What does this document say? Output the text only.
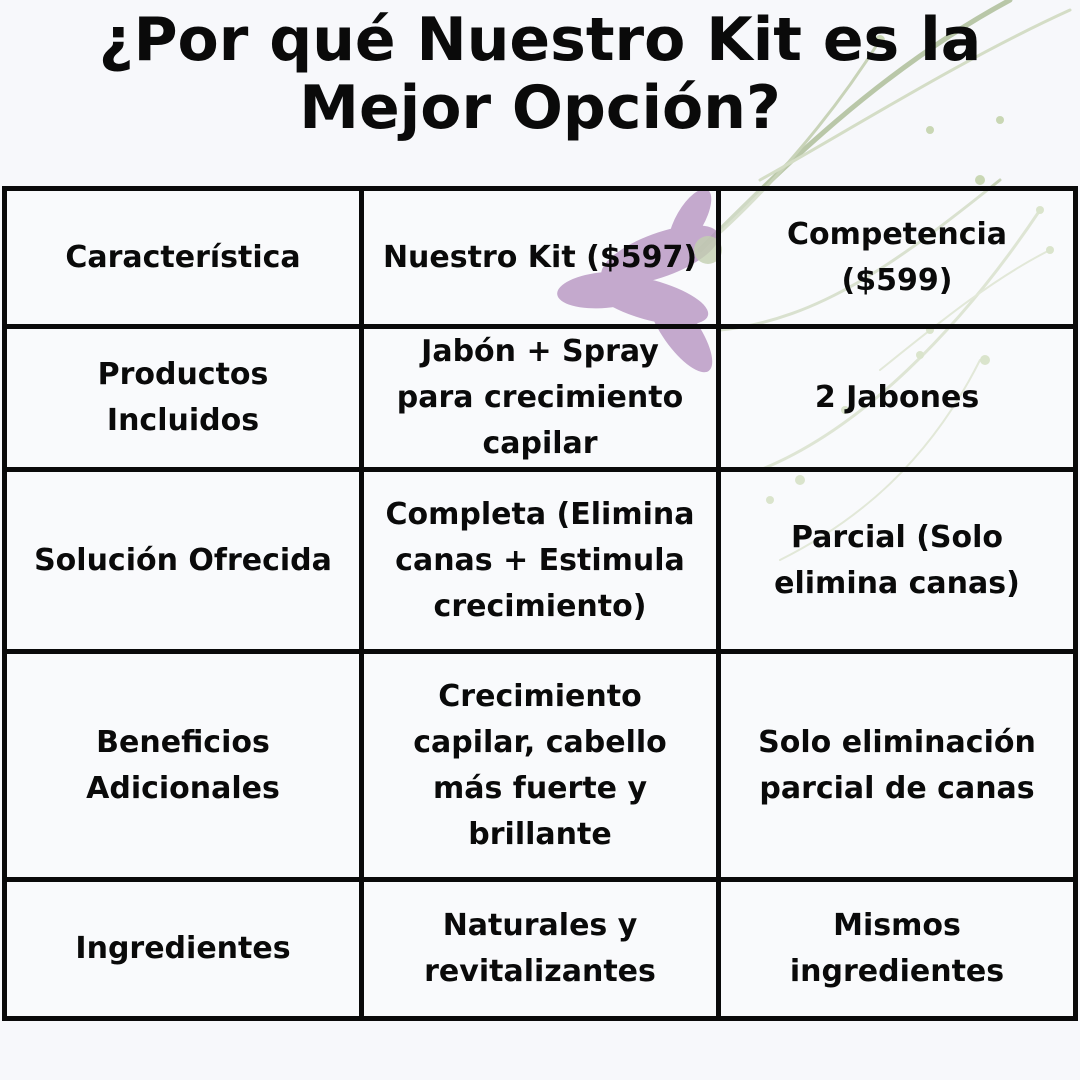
¿Por qué Nuestro Kit es la Mejor Opción?
Característica	Nuestro Kit ($597)	Competencia ($599)
Productos Incluidos	Jabón + Spray para crecimiento capilar	2 Jabones
Solución Ofrecida	Completa (Elimina canas + Estimula crecimiento)	Parcial (Solo elimina canas)
Beneficios Adicionales	Crecimiento capilar, cabello más fuerte y brillante	Solo eliminación parcial de canas
Ingredientes	Naturales y revitalizantes	Mismos ingredientes
